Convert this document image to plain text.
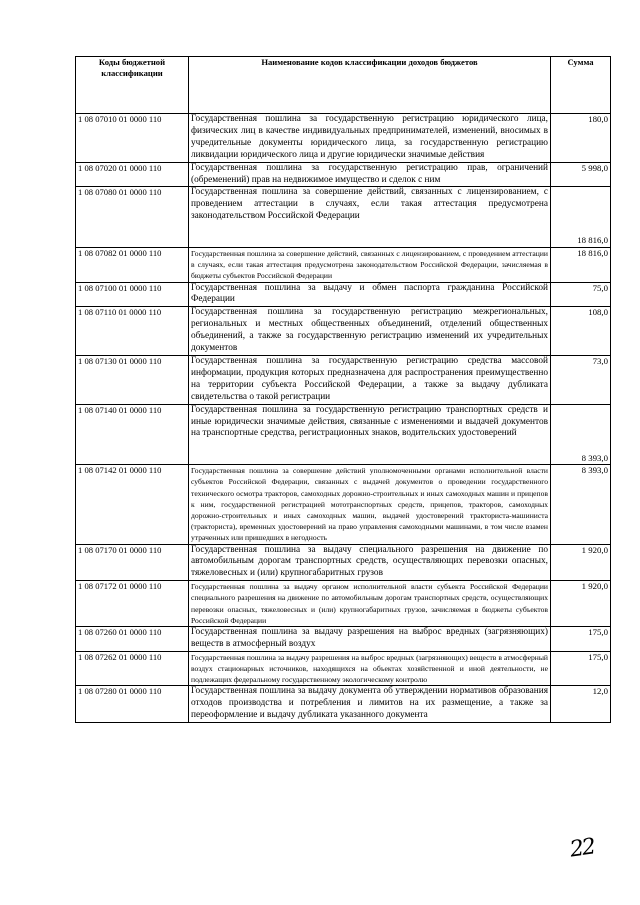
Коды бюджетной классификации	Наименование кодов классификации доходов бюджетов	Сумма
1 08 07010 01 0000 110	Государственная пошлина за государственную регистрацию юридического лица, физических лиц в качестве индивидуальных предпринимателей, изменений, вносимых в учредительные документы юридического лица, за государственную регистрацию ликвидации юридического лица и другие юридически значимые действия	180,0
1 08 07020 01 0000 110	Государственная пошлина за государственную регистрацию прав, ограничений (обременений) прав на недвижимое имущество и сделок с ним	5 998,0
1 08 07080 01 0000 110	Государственная пошлина за совершение действий, связанных с лицензированием, с проведением аттестации в случаях, если такая аттестация предусмотрена законодательством Российской Федерации	18 816,0
1 08 07082 01 0000 110	Государственная пошлина за совершение действий, связанных с лицензированием, с проведением аттестации в случаях, если такая аттестация предусмотрена законодательством Российской Федерации, зачисляемая в бюджеты субъектов Российской Федерации	18 816,0
1 08 07100 01 0000 110	Государственная пошлина за выдачу и обмен паспорта гражданина Российской Федерации	75,0
1 08 07110 01 0000 110	Государственная пошлина за государственную регистрацию межрегиональных, региональных и местных общественных объединений, отделений общественных объединений, а также за государственную регистрацию изменений их учредительных документов	108,0
1 08 07130 01 0000 110	Государственная пошлина за государственную регистрацию средства массовой информации, продукция которых предназначена для распространения преимущественно на территории субъекта Российской Федерации, а также за выдачу дубликата свидетельства о такой регистрации	73,0
1 08 07140 01 0000 110	Государственная пошлина за государственную регистрацию транспортных средств и иные юридически значимые действия, связанные с изменениями и выдачей документов на транспортные средства, регистрационных знаков, водительских удостоверений	8 393,0
1 08 07142 01 0000 110	Государственная пошлина за совершение действий уполномоченными органами исполнительной власти субъектов Российской Федерации, связанных с выдачей документов о проведении государственного технического осмотра тракторов, самоходных дорожно-строительных и иных самоходных машин и прицепов к ним, государственной регистрацией мототранспортных средств, прицепов, тракторов, самоходных дорожно-строительных и иных самоходных машин, выдачей удостоверений тракториста-машиниста (тракториста), временных удостоверений на право управления самоходными машинами, в том числе взамен утраченных или пришедших в негодность	8 393,0
1 08 07170 01 0000 110	Государственная пошлина за выдачу специального разрешения на движение по автомобильным дорогам транспортных средств, осуществляющих перевозки опасных, тяжеловесных и (или) крупногабаритных грузов	1 920,0
1 08 07172 01 0000 110	Государственная пошлина за выдачу органом исполнительной власти субъекта Российской Федерации специального разрешения на движение по автомобильным дорогам транспортных средств, осуществляющих перевозки опасных, тяжеловесных и (или) крупногабаритных грузов, зачисляемая в бюджеты субъектов Российской Федерации	1 920,0
1 08 07260 01 0000 110	Государственная пошлина за выдачу разрешения на выброс вредных (загрязняющих) веществ в атмосферный воздух	175,0
1 08 07262 01 0000 110	Государственная пошлина за выдачу разрешения на выброс вредных (загрязняющих) веществ в атмосферный воздух стационарных источников, находящихся на объектах хозяйственной и иной деятельности, не подлежащих федеральному государственному экологическому контролю	175,0
1 08 07280 01 0000 110	Государственная пошлина за выдачу документа об утверждении нормативов образования отходов производства и потребления и лимитов на их размещение, а также за переоформление и выдачу дубликата указанного документа	12,0
22
